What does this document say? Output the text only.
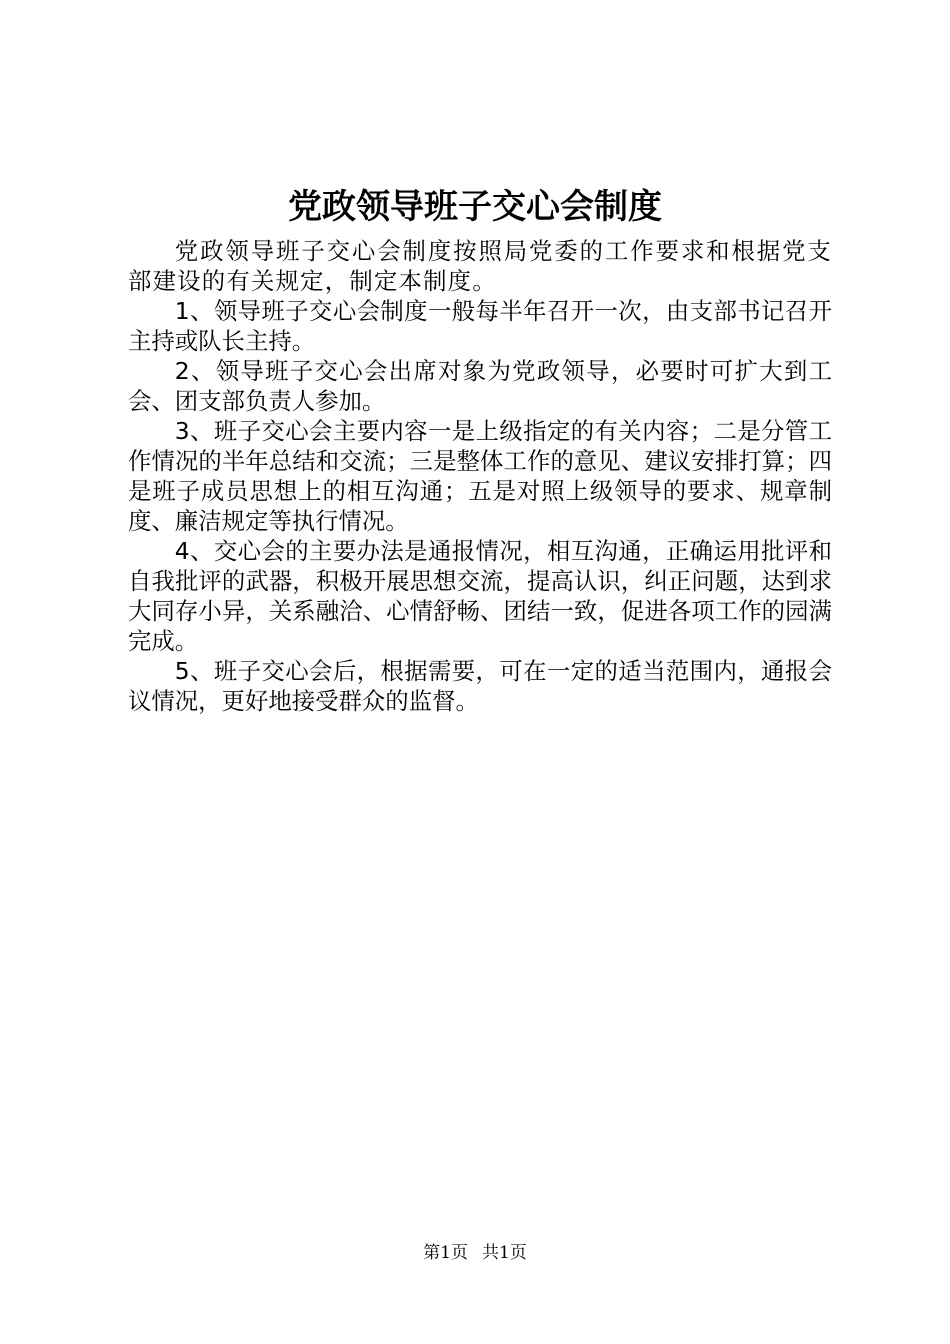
党政领导班子交心会制度

党政领导班子交心会制度按照局党委的工作要求和根据党支部建设的有关规定，制定本制度。

1、领导班子交心会制度一般每半年召开一次，由支部书记召开主持或队长主持。

2、领导班子交心会出席对象为党政领导，必要时可扩大到工会、团支部负责人参加。

3、班子交心会主要内容一是上级指定的有关内容；二是分管工作情况的半年总结和交流；三是整体工作的意见、建议安排打算；四是班子成员思想上的相互沟通；五是对照上级领导的要求、规章制度、廉洁规定等执行情况。

4、交心会的主要办法是通报情况，相互沟通，正确运用批评和自我批评的武器，积极开展思想交流，提高认识，纠正问题，达到求大同存小异，关系融洽、心情舒畅、团结一致，促进各项工作的园满完成。

5、班子交心会后，根据需要，可在一定的适当范围内，通报会议情况，更好地接受群众的监督。

第1页 共1页
